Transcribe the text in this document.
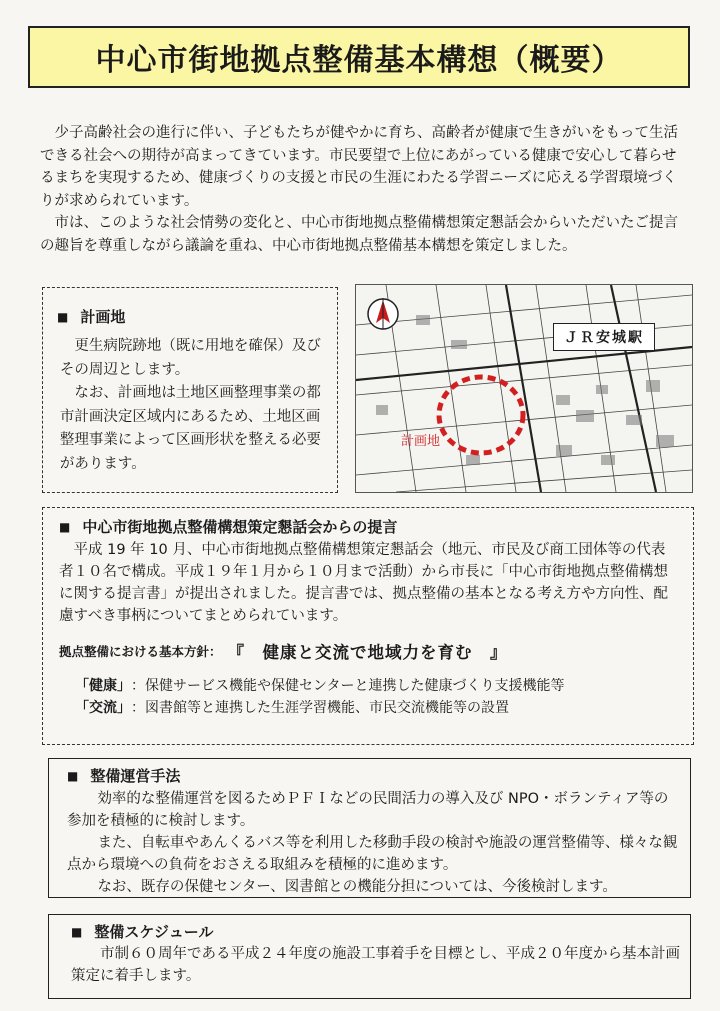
中心市街地拠点整備基本構想（概要）

少子高齢社会の進行に伴い、子どもたちが健やかに育ち、高齢者が健康で生きがいをもって生活できる社会への期待が高まってきています。市民要望で上位にあがっている健康で安心して暮らせるまちを実現するため、健康づくりの支援と市民の生涯にわたる学習ニーズに応える学習環境づくりが求められています。

市は、このような社会情勢の変化と、中心市街地拠点整備構想策定懇話会からいただいたご提言の趣旨を尊重しながら議論を重ね、中心市街地拠点整備基本構想を策定しました。

■ 計画地

更生病院跡地（既に用地を確保）及びその周辺とします。

なお、計画地は土地区画整理事業の都市計画決定区域内にあるため、土地区画整理事業によって区画形状を整える必要があります。

ＪＲ安城駅
計画地
■ 中心市街地拠点整備構想策定懇話会からの提言

平成 19 年 10 月、中心市街地拠点整備構想策定懇話会（地元、市民及び商工団体等の代表者１０名で構成。平成１９年１月から１０月まで活動）から市長に「中心市街地拠点整備構想に関する提言書」が提出されました。提言書では、拠点整備の基本となる考え方や方向性、配慮すべき事柄についてまとめられています。

拠点整備における基本方針： 『　健康と交流で地域力を育む　』
「健康」 ：保健サービス機能や保健センターと連携した健康づくり支援機能等
「交流」 ：図書館等と連携した生涯学習機能、市民交流機能等の設置
■ 整備運営手法

効率的な整備運営を図るためＰＦＩなどの民間活力の導入及び NPO・ボランティア等の参加を積極的に検討します。

また、自転車やあんくるバス等を利用した移動手段の検討や施設の運営整備等、様々な観点から環境への負荷をおさえる取組みを積極的に進めます。

なお、既存の保健センター、図書館との機能分担については、今後検討します。

■ 整備スケジュール

市制６０周年である平成２４年度の施設工事着手を目標とし、平成２０年度から基本計画策定に着手します。
